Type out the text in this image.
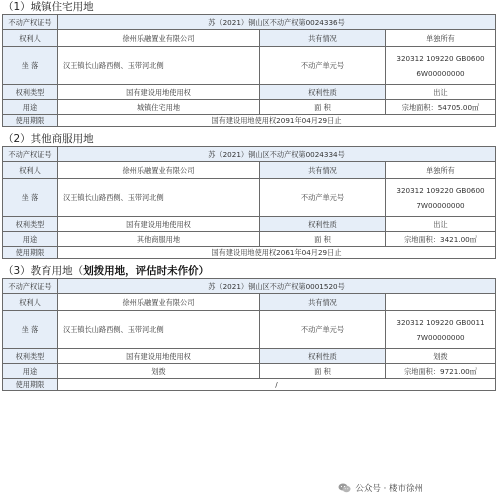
（1）城镇住宅用地
不动产权证号	苏（2021）铜山区不动产权第0024336号		
权利人	徐州乐融置业有限公司	共有情况	单独所有
坐 落	汉王镇长山路西侧、玉带河北侧	不动产单元号	320312 109220 GB0600
6W00000000

权利类型	国有建设用地使用权	权利性质	出让
用途	城镇住宅用地	面 积	宗地面积：54705.00㎡
使用期限	国有建设用地使用权2091年04月29日止		
（2）其他商服用地
不动产权证号	苏（2021）铜山区不动产权第0024334号		
权利人	徐州乐融置业有限公司	共有情况	单独所有
坐 落	汉王镇长山路西侧、玉带河北侧	不动产单元号	320312 109220 GB0600
7W00000000

权利类型	国有建设用地使用权	权利性质	出让
用途	其他商服用地	面 积	宗地面积：3421.00㎡
使用期限	国有建设用地使用权2061年04月29日止		
（3）教育用地（划拨用地，评估时未作价）
不动产权证号	苏（2021）铜山区不动产权第0001520号		
权利人	徐州乐融置业有限公司	共有情况	
坐 落	汉王镇长山路西侧、玉带河北侧	不动产单元号	320312 109220 GB0011
7W00000000

权利类型	国有建设用地使用权	权利性质	划拨
用途	划拨	面 积	宗地面积：9721.00㎡
使用期限	/		
公众号 · 楼市徐州
